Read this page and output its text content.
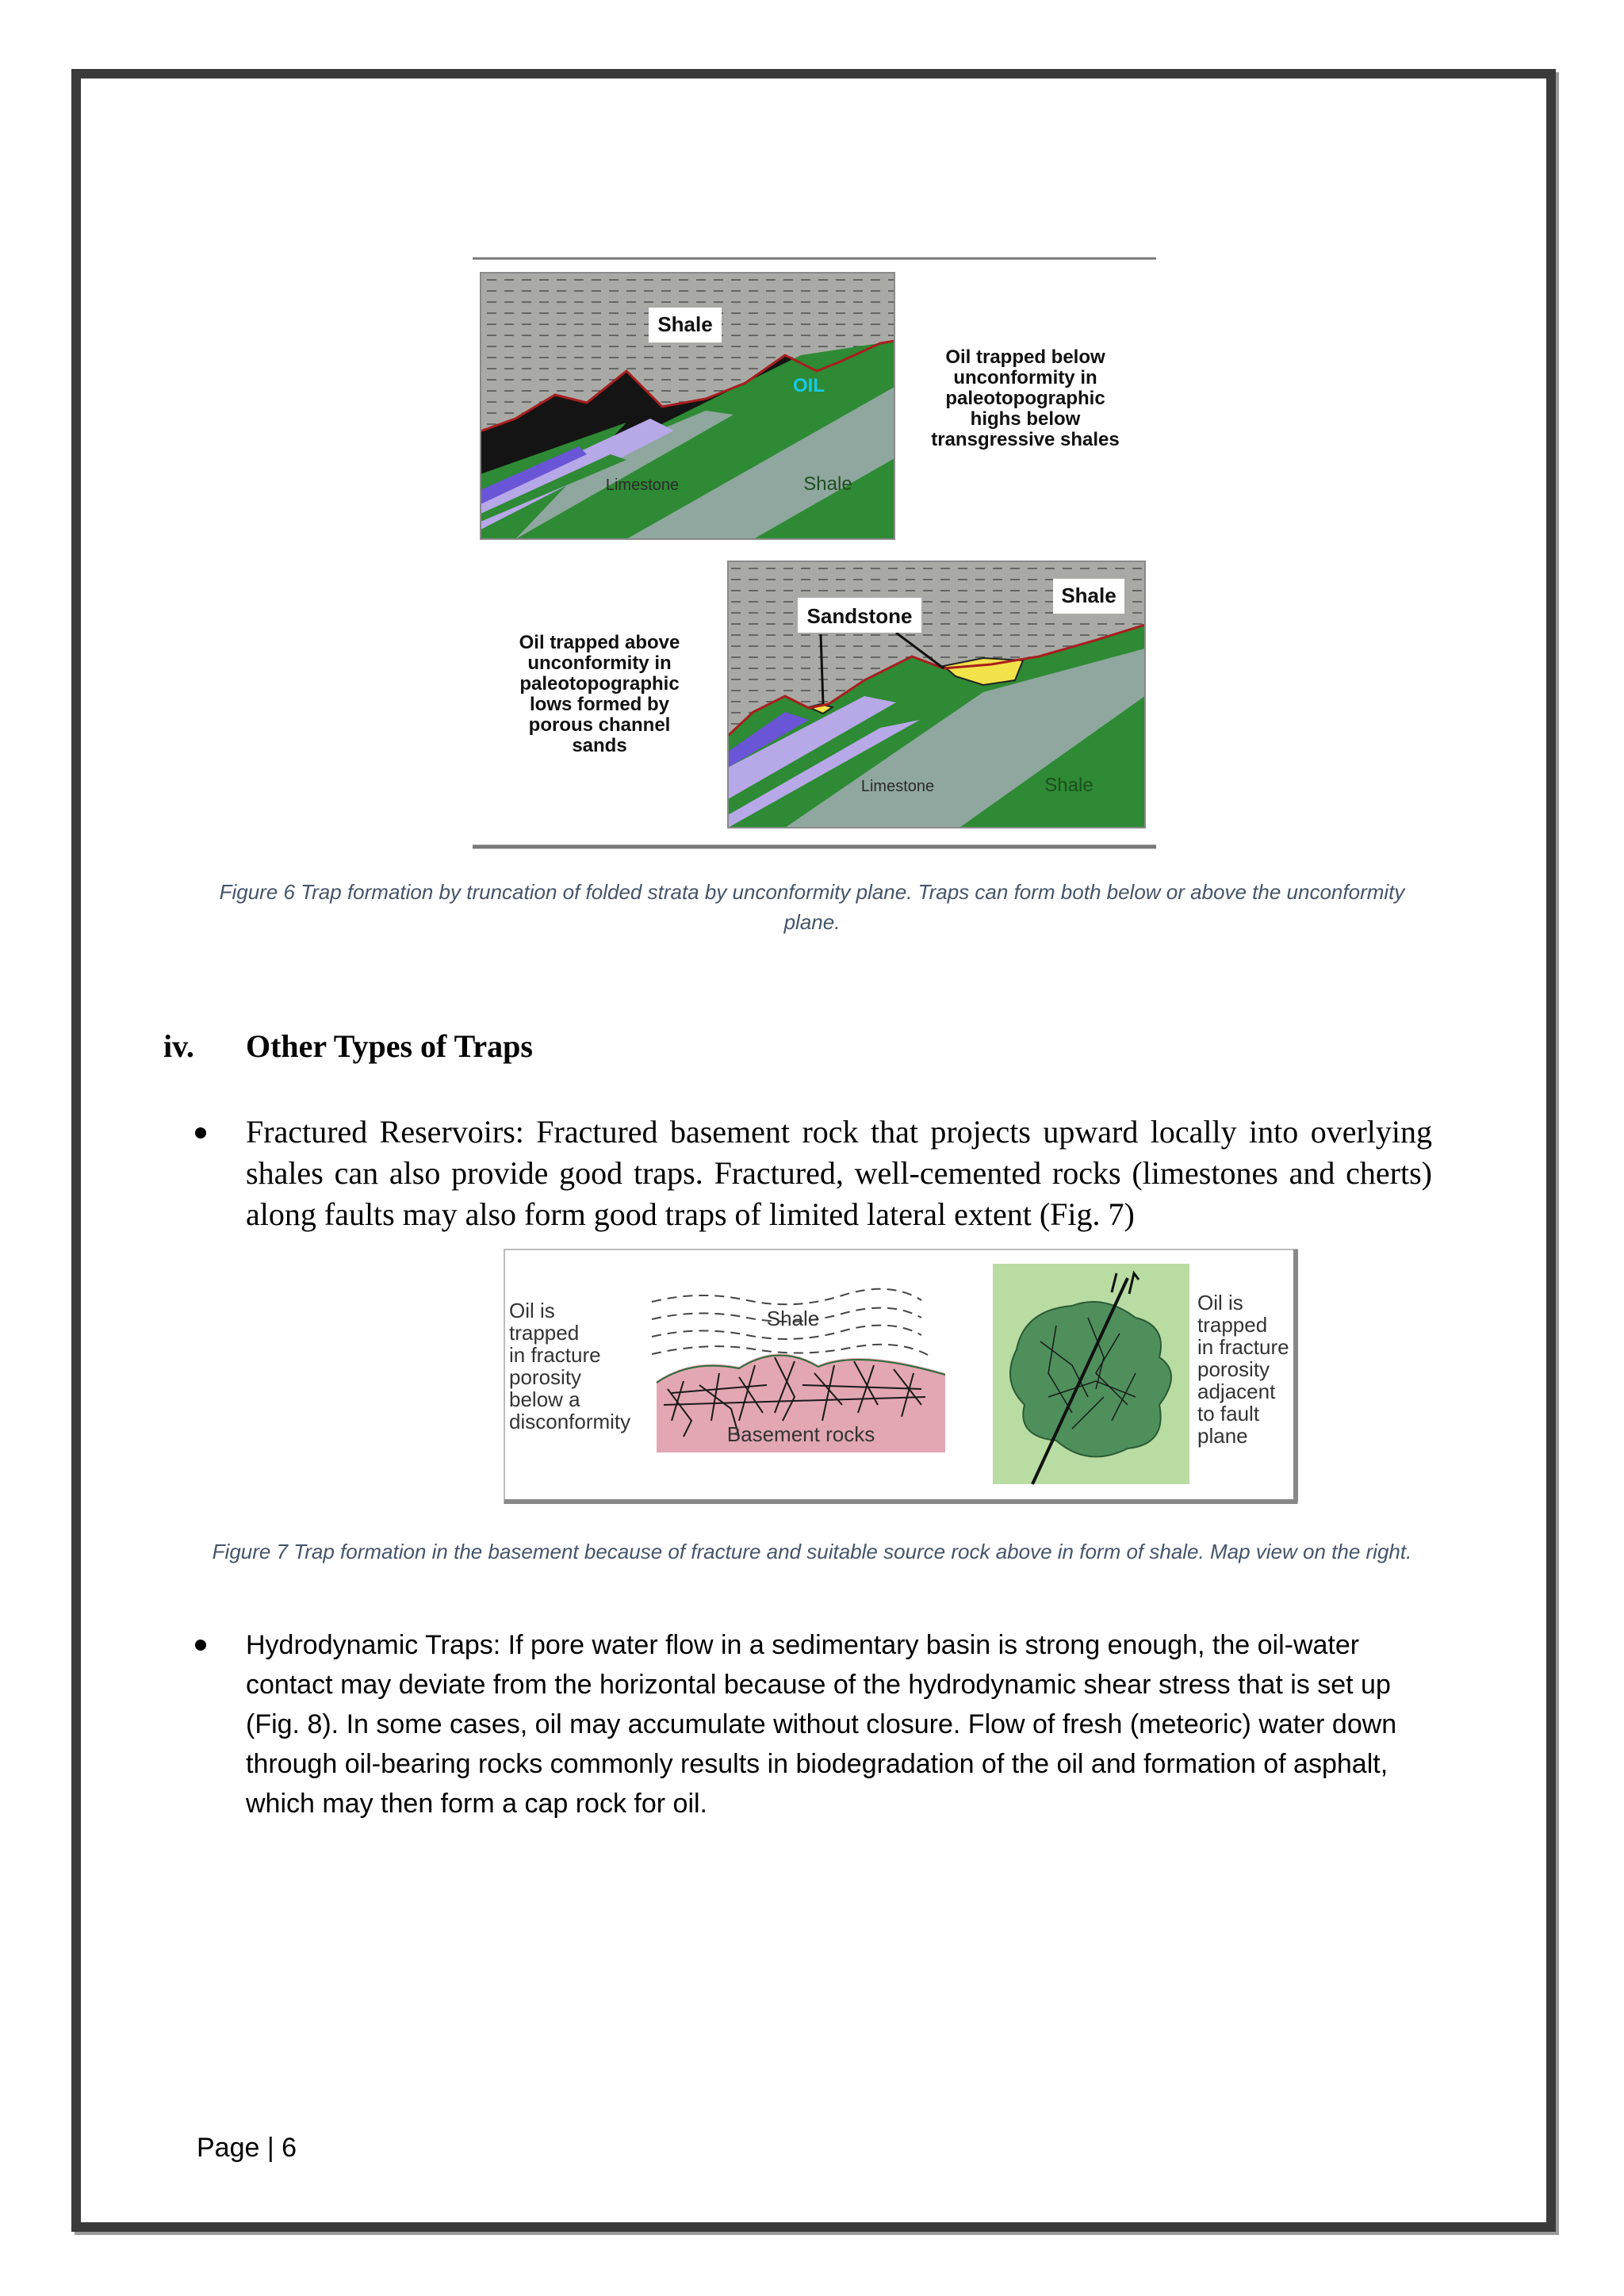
Shale
OIL
Limestone	Shale
Oil trapped below
unconformity in
paleotopographic
highs below
transgressive shales
Sandstone
Shale
Limestone	Shale
Oil trapped above
unconformity in
paleotopographic
lows formed by
porous channel
sands
Figure 6 Trap formation by truncation of folded strata by unconformity plane. Traps can form both below or above the unconformity plane.
iv. Other Types of Traps
Fractured Reservoirs: Fractured basement rock that projects upward locally into overlying shales can also provide good traps. Fractured, well-cemented rocks (limestones and cherts) along faults may also form good traps of limited lateral extent (Fig. 7)
Oil is
trapped
in fracture
porosity
below a
disconformity
Shale
Basement rocks
Oil is
trapped
in fracture
porosity
adjacent
to fault
plane
Figure 7 Trap formation in the basement because of fracture and suitable source rock above in form of shale. Map view on the right.
Hydrodynamic Traps: If pore water flow in a sedimentary basin is strong enough, the oil-water contact may deviate from the horizontal because of the hydrodynamic shear stress that is set up (Fig. 8). In some cases, oil may accumulate without closure. Flow of fresh (meteoric) water down through oil-bearing rocks commonly results in biodegradation of the oil and formation of asphalt, which may then form a cap rock for oil.
Page | 6
